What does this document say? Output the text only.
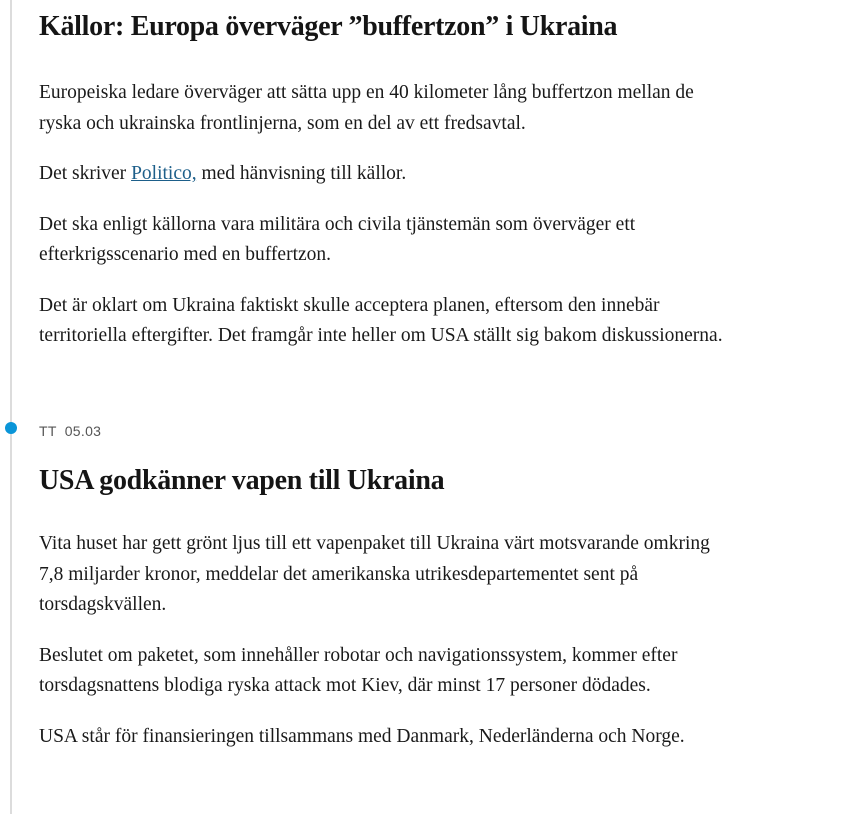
Källor: Europa överväger ”buffertzon” i Ukraina

Europeiska ledare överväger att sätta upp en 40 kilometer lång buffertzon mellan de ryska och ukrainska frontlinjerna, som en del av ett fredsavtal.

Det skriver Politico, med hänvisning till källor.

Det ska enligt källorna vara militära och civila tjänstemän som överväger ett efterkrigsscenario med en buffertzon.

Det är oklart om Ukraina faktiskt skulle acceptera planen, eftersom den innebär territoriella eftergifter. Det framgår inte heller om USA ställt sig bakom diskussionerna.

TT 05.03
USA godkänner vapen till Ukraina

Vita huset har gett grönt ljus till ett vapenpaket till Ukraina värt motsvarande omkring 7,8 miljarder kronor, meddelar det amerikanska utrikesdepartementet sent på torsdagskvällen.

Beslutet om paketet, som innehåller robotar och navigationssystem, kommer efter torsdagsnattens blodiga ryska attack mot Kiev, där minst 17 personer dödades.

USA står för finansieringen tillsammans med Danmark, Nederländerna och Norge.
